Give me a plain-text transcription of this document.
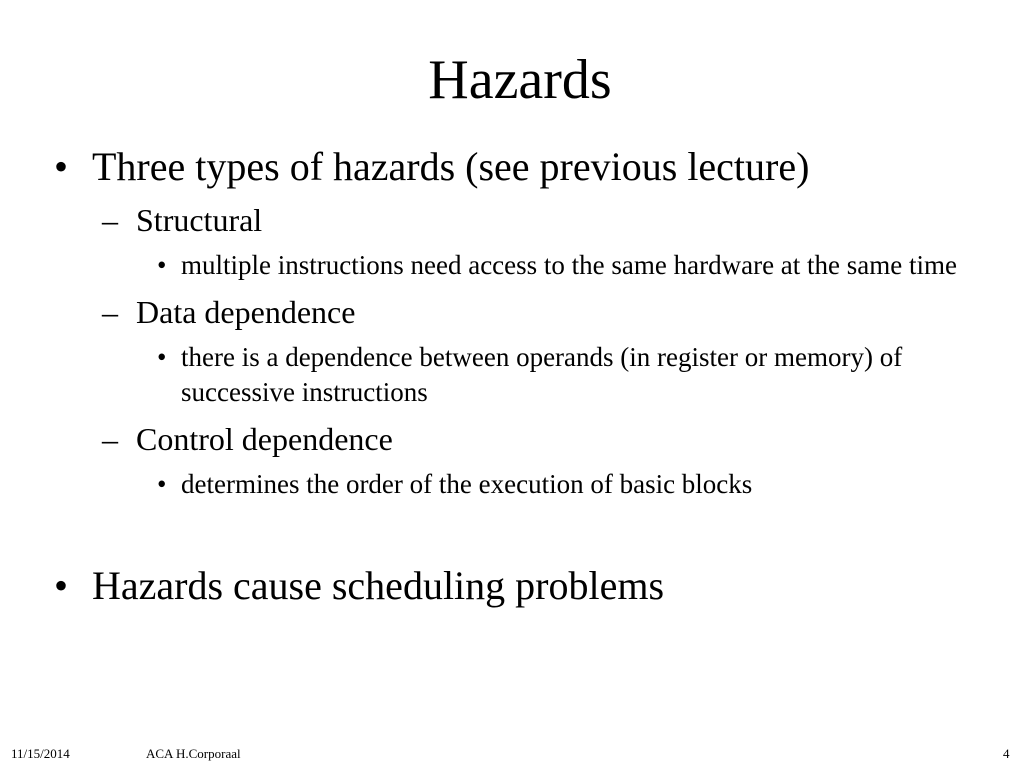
Hazards
• Three types of hazards (see previous lecture)
– Structural
• multiple instructions need access to the same hardware at the same time
– Data dependence
• there is a dependence between operands (in register or memory) of successive instructions
– Control dependence
• determines the order of the execution of basic blocks
• Hazards cause scheduling problems
11/15/2014	ACA H.Corporaal	4
